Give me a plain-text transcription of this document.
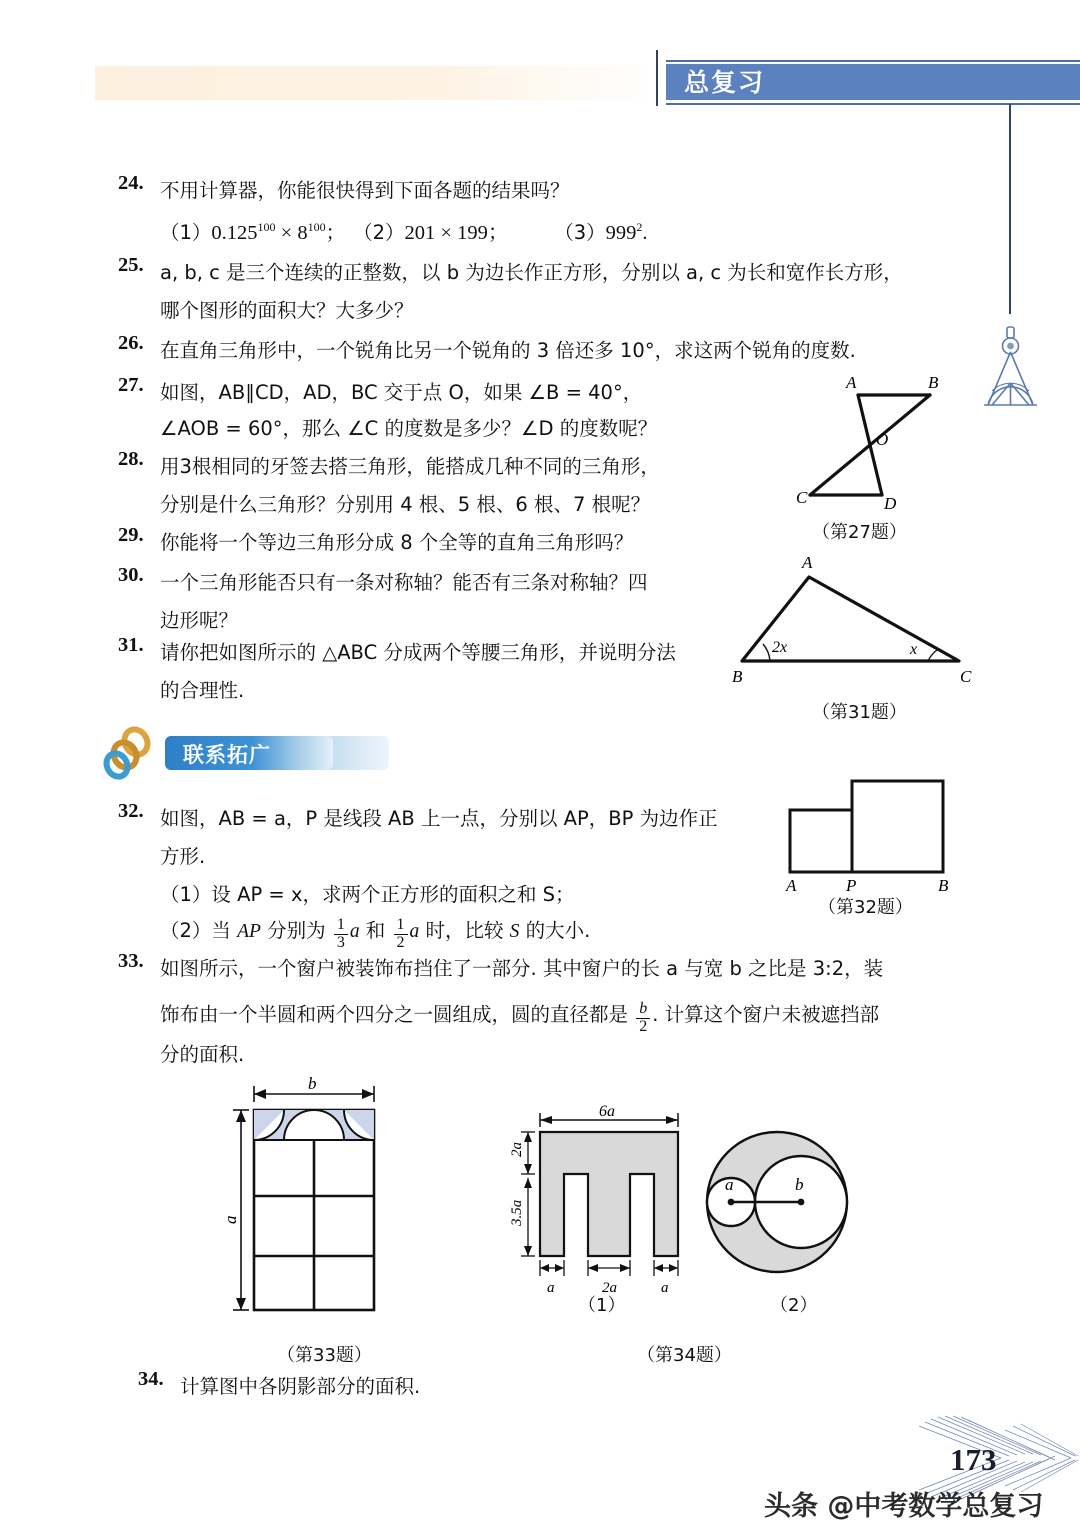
总复习
24. 不用计算器，你能很快得到下面各题的结果吗？
$(1)0.125^{100} \times 8^{100}$； （2）201 × 199； $(3)999^2$.
25. a, b, c 是三个连续的正整数，以 b 为边长作正方形，分别以 a, c 为长和宽作长方形，
哪个图形的面积大？大多少？
26. 在直角三角形中，一个锐角比另一个锐角的 3 倍还多 10°，求这两个锐角的度数.
27. 如图，AB∥CD，AD，BC 交于点 O，如果 ∠B = 40°，
∠AOB = 60°，那么 ∠C 的度数是多少？∠D 的度数呢？
28. 用3根相同的牙签去搭三角形，能搭成几种不同的三角形，
分别是什么三角形？分别用 4 根、5 根、6 根、7 根呢？
29. 你能将一个等边三角形分成 8 个全等的直角三角形吗？
30. 一个三角形能否只有一条对称轴？能否有三条对称轴？四
边形呢？
31. 请你把如图所示的 △ABC 分成两个等腰三角形，并说明分法
的合理性.
A	B
C	D
O
（第27题）
A
B	C
2x	x
（第31题）
联系拓广
32. 如图，AB = a，P 是线段 AB 上一点，分别以 AP，BP 为边作正
方形.
（1）设 AP = x，求两个正方形的面积之和 S；
（2）当 AP 分别为 $\frac{1}{3}$ a 和 $\frac{1}{2}$ a 时，比较 S 的大小.
A	P	B
（第32题）
33. 如图所示，一个窗户被装饰布挡住了一部分. 其中窗户的长 a 与宽 b 之比是 3:2，装
饰布由一个半圆和两个四分之一圆组成，圆的直径都是 $\frac{b}{2}$ . 计算这个窗户未被遮挡部
分的面积.
b
a
（第33题）
6a
2a
3.5a
a	2a	a
（1）
a	b
（2）
（第34题）
34. 计算图中各阴影部分的面积.
173
头条 @中考数学总复习
